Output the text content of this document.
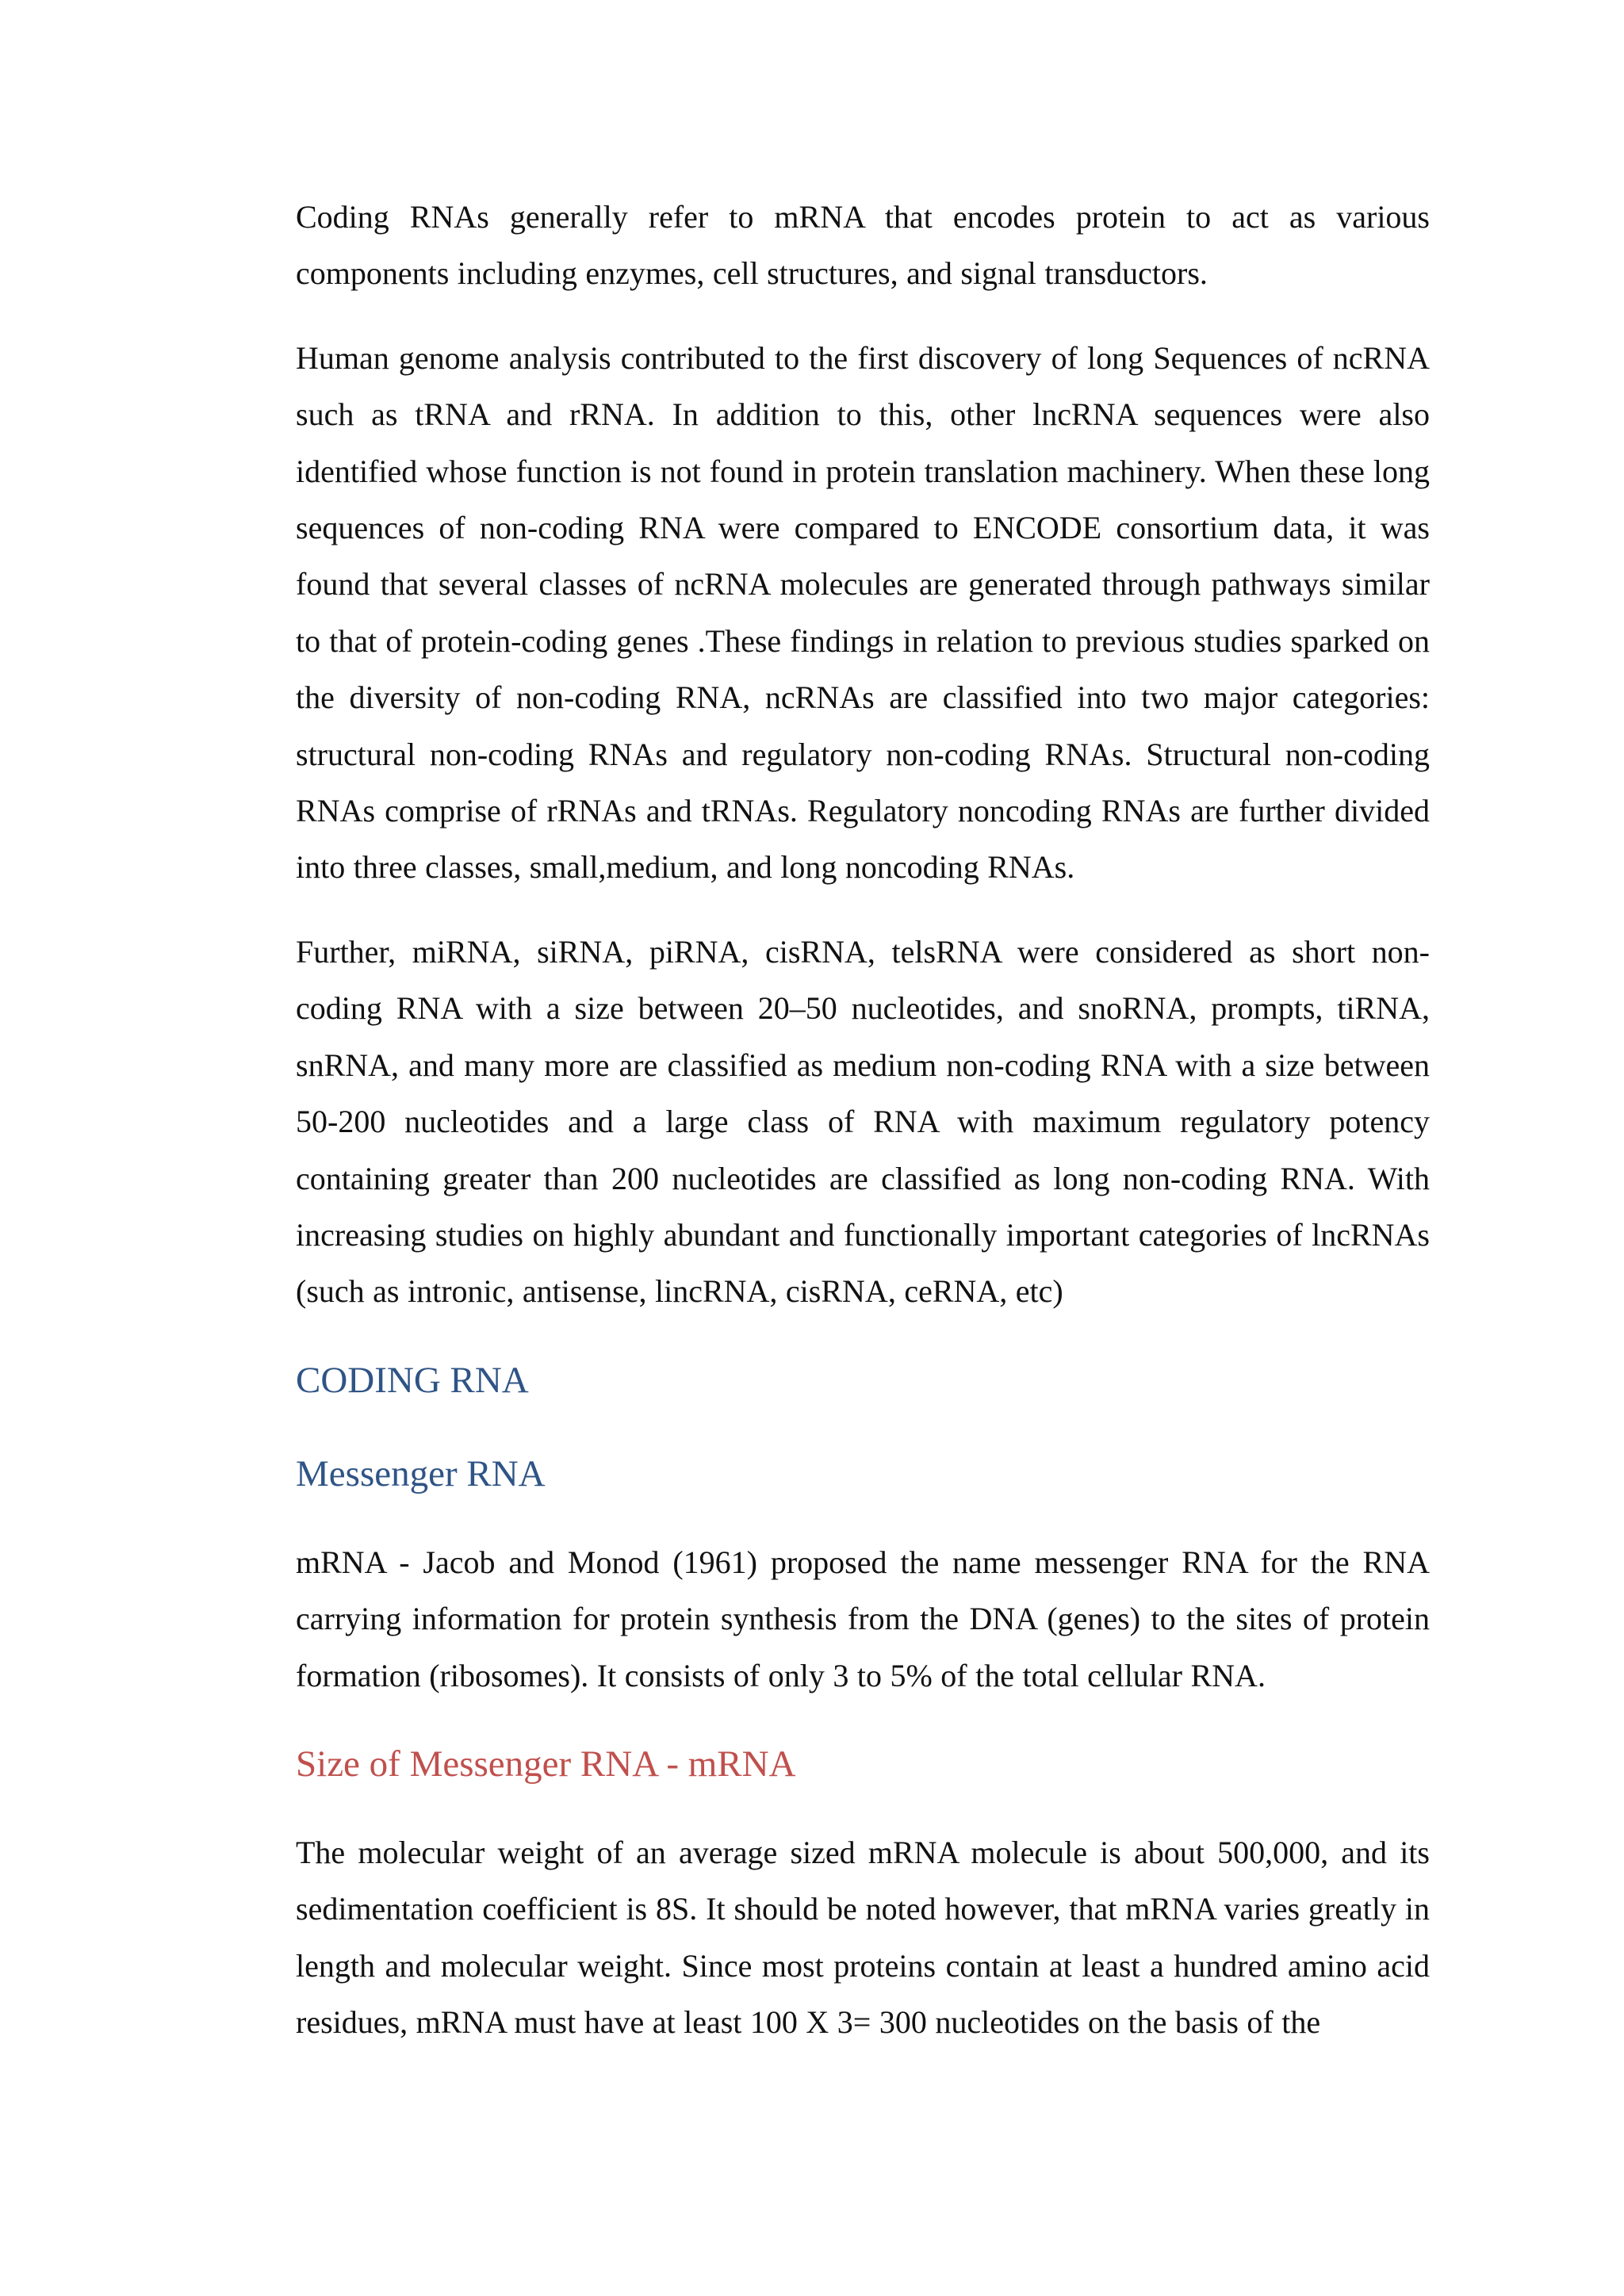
Coding RNAs generally refer to mRNA that encodes protein to act as various components including enzymes, cell structures, and signal transductors.

Human genome analysis contributed to the first discovery of long Sequences of ncRNA such as tRNA and rRNA. In addition to this, other lncRNA sequences were also identified whose function is not found in protein translation machinery. When these long sequences of non-coding RNA were compared to ENCODE consortium data, it was found that several classes of ncRNA molecules are generated through pathways similar to that of protein-coding genes .These findings in relation to previous studies sparked on the diversity of non-coding RNA, ncRNAs are classified into two major categories: structural non-coding RNAs and regulatory non-coding RNAs. Structural non-coding RNAs comprise of rRNAs and tRNAs. Regulatory noncoding RNAs are further divided into three classes, small,medium, and long noncoding RNAs.

Further, miRNA, siRNA, piRNA, cisRNA, telsRNA were considered as short non-coding RNA with a size between 20–50 nucleotides, and snoRNA, prompts, tiRNA, snRNA, and many more are classified as medium non-coding RNA with a size between 50-200 nucleotides and a large class of RNA with maximum regulatory potency containing greater than 200 nucleotides are classified as long non-coding RNA. With increasing studies on highly abundant and functionally important categories of lncRNAs (such as intronic, antisense, lincRNA, cisRNA, ceRNA, etc)

CODING RNA
Messenger RNA

mRNA - Jacob and Monod (1961) proposed the name messenger RNA for the RNA carrying information for protein synthesis from the DNA (genes) to the sites of protein formation (ribosomes). It consists of only 3 to 5% of the total cellular RNA.

Size of Messenger RNA - mRNA

The molecular weight of an average sized mRNA molecule is about 500,000, and its sedimentation coefficient is 8S. It should be noted however, that mRNA varies greatly in length and molecular weight. Since most proteins contain at least a hundred amino acid residues, mRNA must have at least 100 X 3= 300 nucleotides on the basis of the
